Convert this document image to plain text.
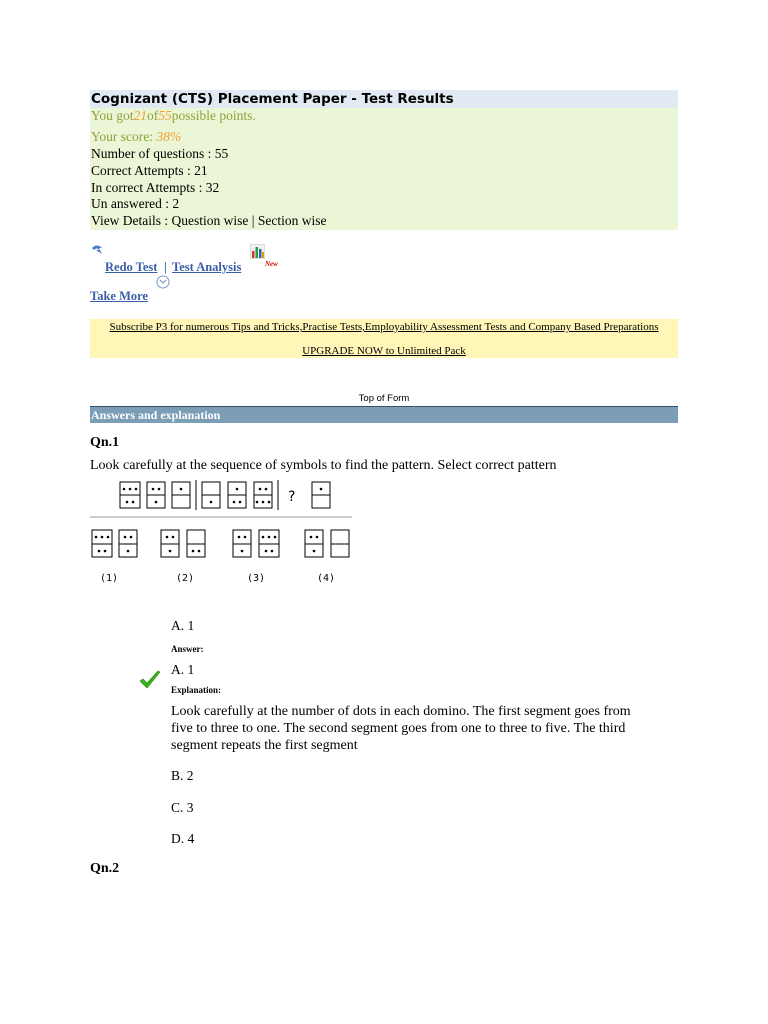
Cognizant (CTS) Placement Paper - Test Results
You got21of55possible points.
Your score: 38%
Number of questions : 55
Correct Attempts : 21
In correct Attempts : 32
Un answered : 2
View Details : Question wise | Section wise
Redo Test | Test Analysis	New
Take More
Subscribe P3 for numerous Tips and Tricks,Practise Tests,Employability Assessment Tests and Company Based Preparations
UPGRADE NOW to Unlimited Pack
Top of Form
Answers and explanation
Qn.1
Look carefully at the sequence of symbols to find the pattern. Select correct pattern
?
(1)	(2)	(3)	(4)
A. 1
Answer:
A. 1
Explanation:
Look carefully at the number of dots in each domino. The first segment goes from
five to three to one. The second segment goes from one to three to five. The third
segment repeats the first segment
B. 2
C. 3
D. 4
Qn.2
